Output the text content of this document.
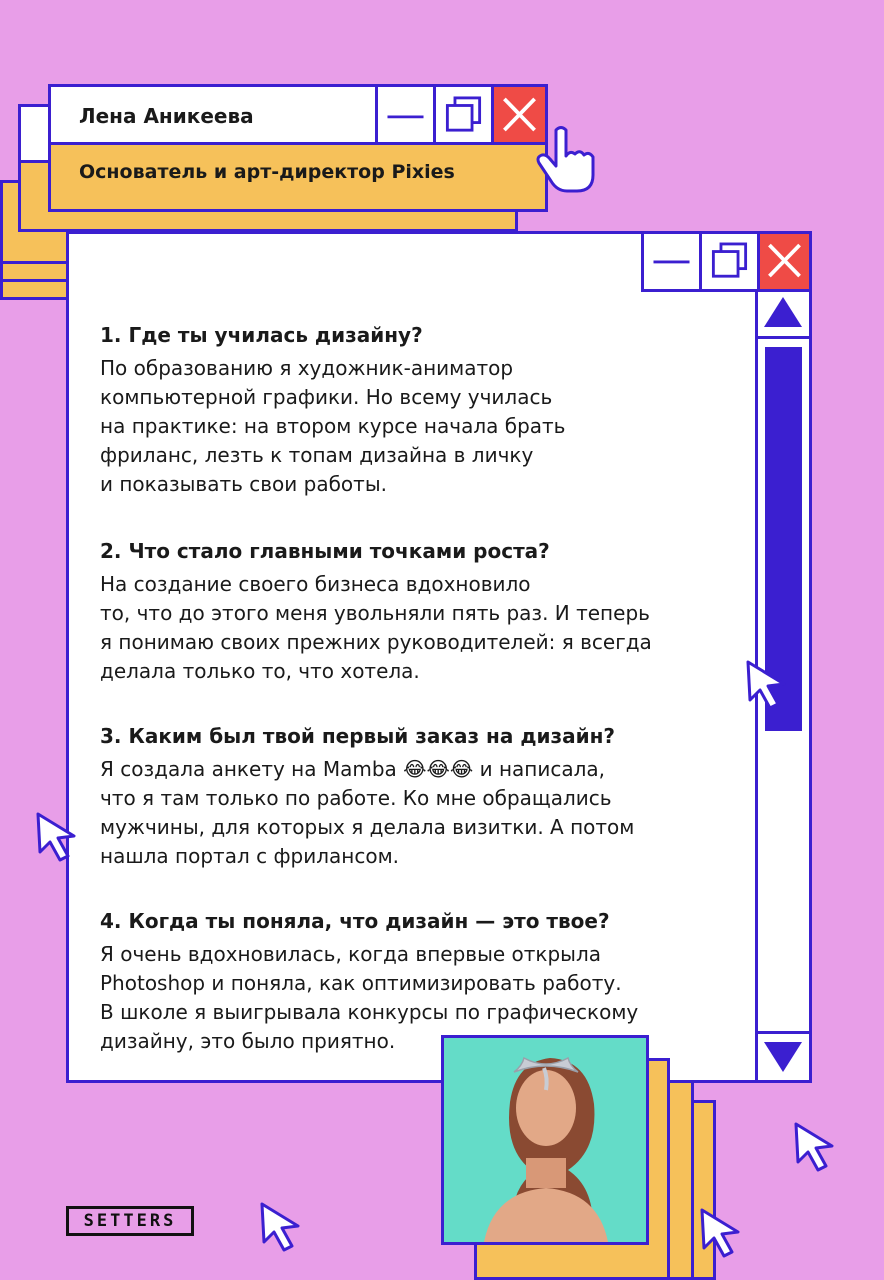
Лена Аникеева
Основатель и арт-директор Pixies

1. Где ты училась дизайну?

По образованию я художник-аниматор
компьютерной графики. Но всему училась
на практике: на втором курсе начала брать
фриланс, лезть к топам дизайна в личку
и показывать свои работы.

2. Что стало главными точками роста?

На создание своего бизнеса вдохновило
то, что до этого меня увольняли пять раз. И теперь
я понимаю своих прежних руководителей: я всегда
делала только то, что хотела.

3. Каким был твой первый заказ на дизайн?

Я создала анкету на Mamba 😂😂😂 и написала,
что я там только по работе. Ко мне обращались
мужчины, для которых я делала визитки. А потом
нашла портал с фрилансом.

4. Когда ты поняла, что дизайн — это твое?

Я очень вдохновилась, когда впервые открыла
Photoshop и поняла, как оптимизировать работу.
В школе я выигрывала конкурсы по графическому
дизайну, это было приятно.

SETTERS
